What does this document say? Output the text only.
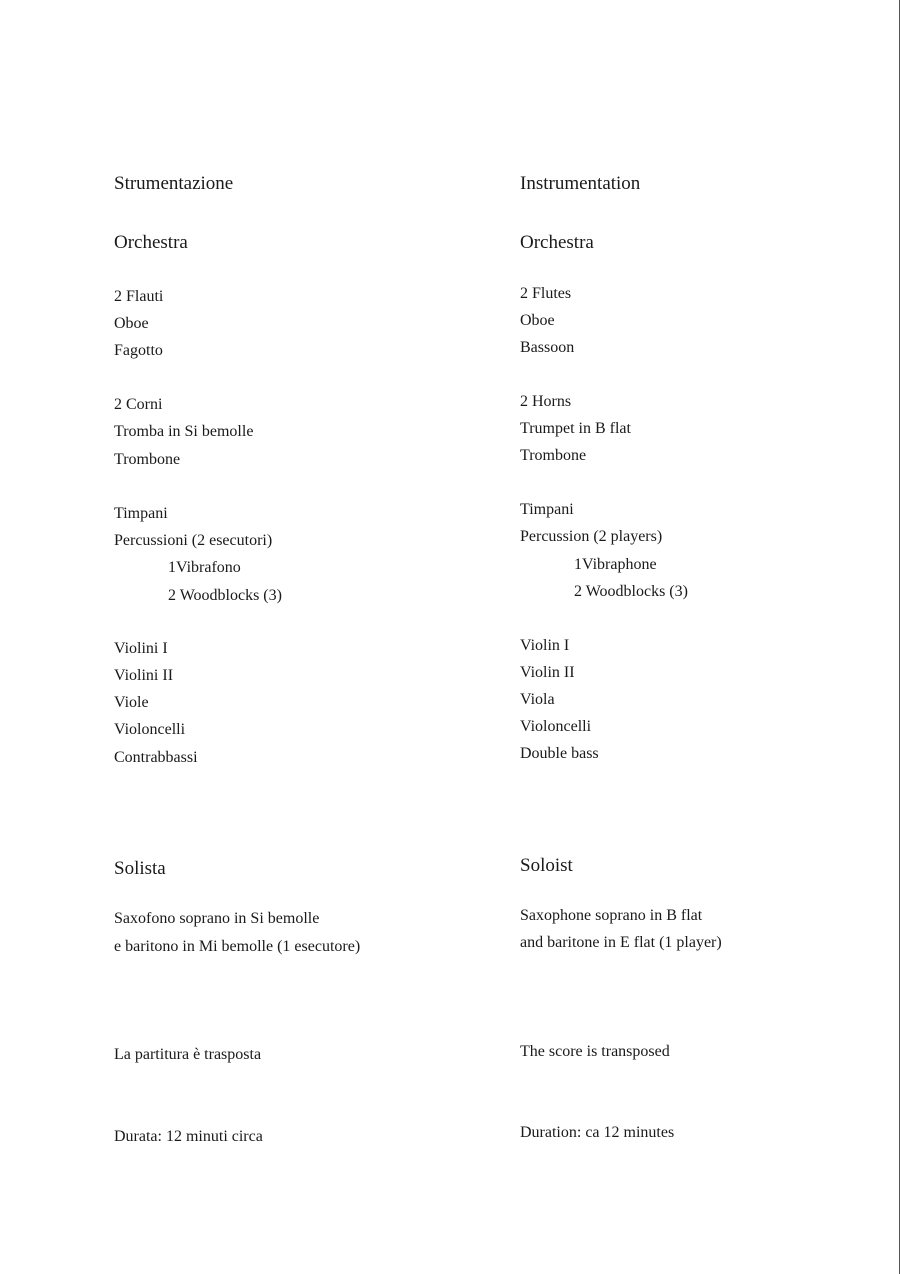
Strumentazione
Orchestra
2 Flauti
Oboe
Fagotto
2 Corni
Tromba in Si bemolle
Trombone
Timpani
Percussioni (2 esecutori)
1Vibrafono
2 Woodblocks (3)
Violini I
Violini II
Viole
Violoncelli
Contrabbassi
Solista
Saxofono soprano in Si bemolle
e baritono in Mi bemolle (1 esecutore)
La partitura è trasposta
Durata: 12 minuti circa
Instrumentation
Orchestra
2 Flutes
Oboe
Bassoon
2 Horns
Trumpet in B flat
Trombone
Timpani
Percussion (2 players)
1Vibraphone
2 Woodblocks (3)
Violin I
Violin II
Viola
Violoncelli
Double bass
Soloist
Saxophone soprano in B flat
and baritone in E flat (1 player)
The score is transposed
Duration: ca 12 minutes
